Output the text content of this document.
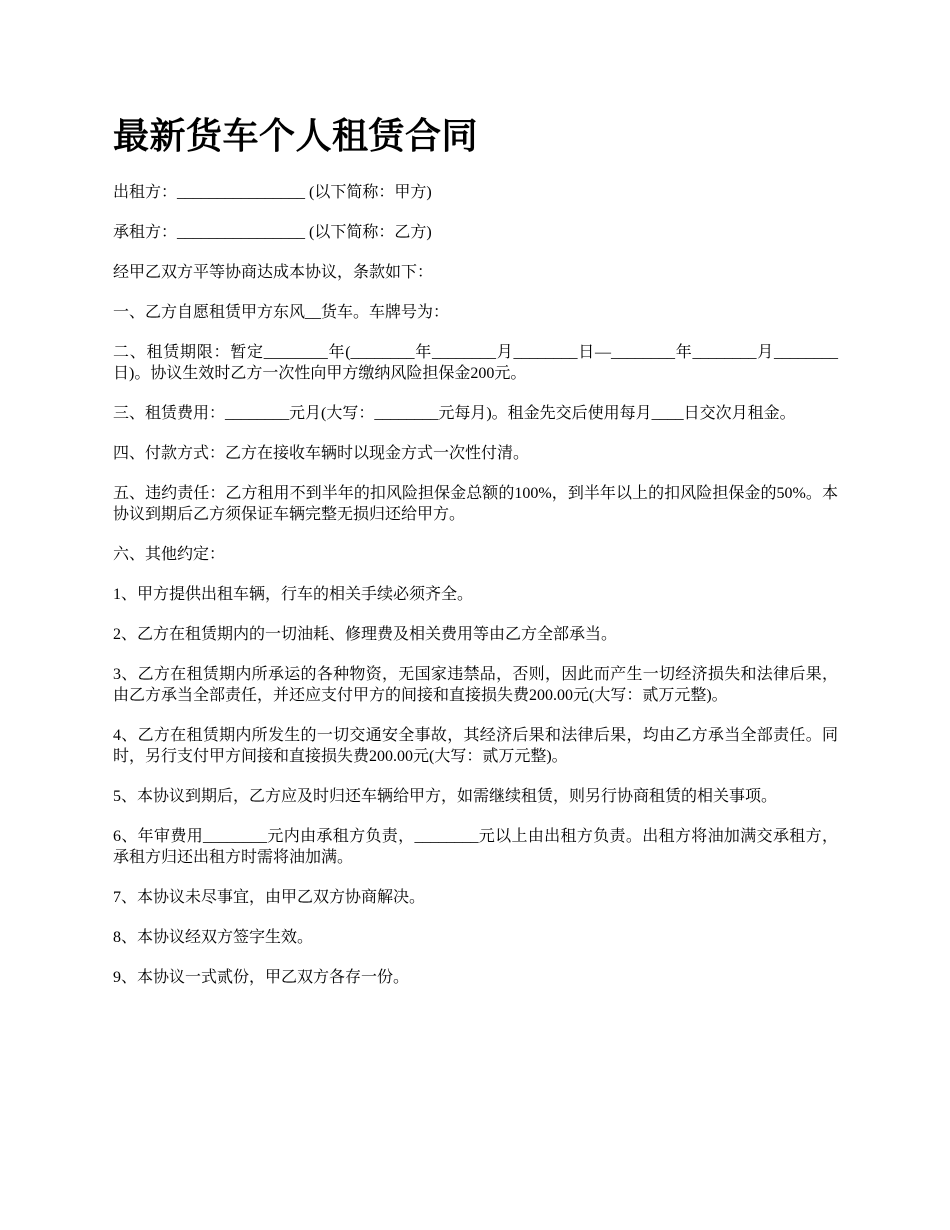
最新货车个人租赁合同

出租方：________________ (以下简称：甲方)

承租方：________________ (以下简称：乙方)

经甲乙双方平等协商达成本协议，条款如下：

一、乙方自愿租赁甲方东风__货车。车牌号为：

二、租赁期限：暂定________年(________年________月________日—________年________月________日)。协议生效时乙方一次性向甲方缴纳风险担保金200元。

三、租赁费用：________元月(大写：________元每月)。租金先交后使用每月____日交次月租金。

四、付款方式：乙方在接收车辆时以现金方式一次性付清。

五、违约责任：乙方租用不到半年的扣风险担保金总额的100%，到半年以上的扣风险担保金的50%。本协议到期后乙方须保证车辆完整无损归还给甲方。

六、其他约定：

1、甲方提供出租车辆，行车的相关手续必须齐全。

2、乙方在租赁期内的一切油耗、修理费及相关费用等由乙方全部承当。

3、乙方在租赁期内所承运的各种物资，无国家违禁品，否则，因此而产生一切经济损失和法律后果，由乙方承当全部责任，并还应支付甲方的间接和直接损失费200.00元(大写：贰万元整)。

4、乙方在租赁期内所发生的一切交通安全事故，其经济后果和法律后果，均由乙方承当全部责任。同时，另行支付甲方间接和直接损失费200.00元(大写：贰万元整)。

5、本协议到期后，乙方应及时归还车辆给甲方，如需继续租赁，则另行协商租赁的相关事项。

6、年审费用________元内由承租方负责，________元以上由出租方负责。出租方将油加满交承租方，承租方归还出租方时需将油加满。

7、本协议未尽事宜，由甲乙双方协商解决。

8、本协议经双方签字生效。

9、本协议一式贰份，甲乙双方各存一份。
